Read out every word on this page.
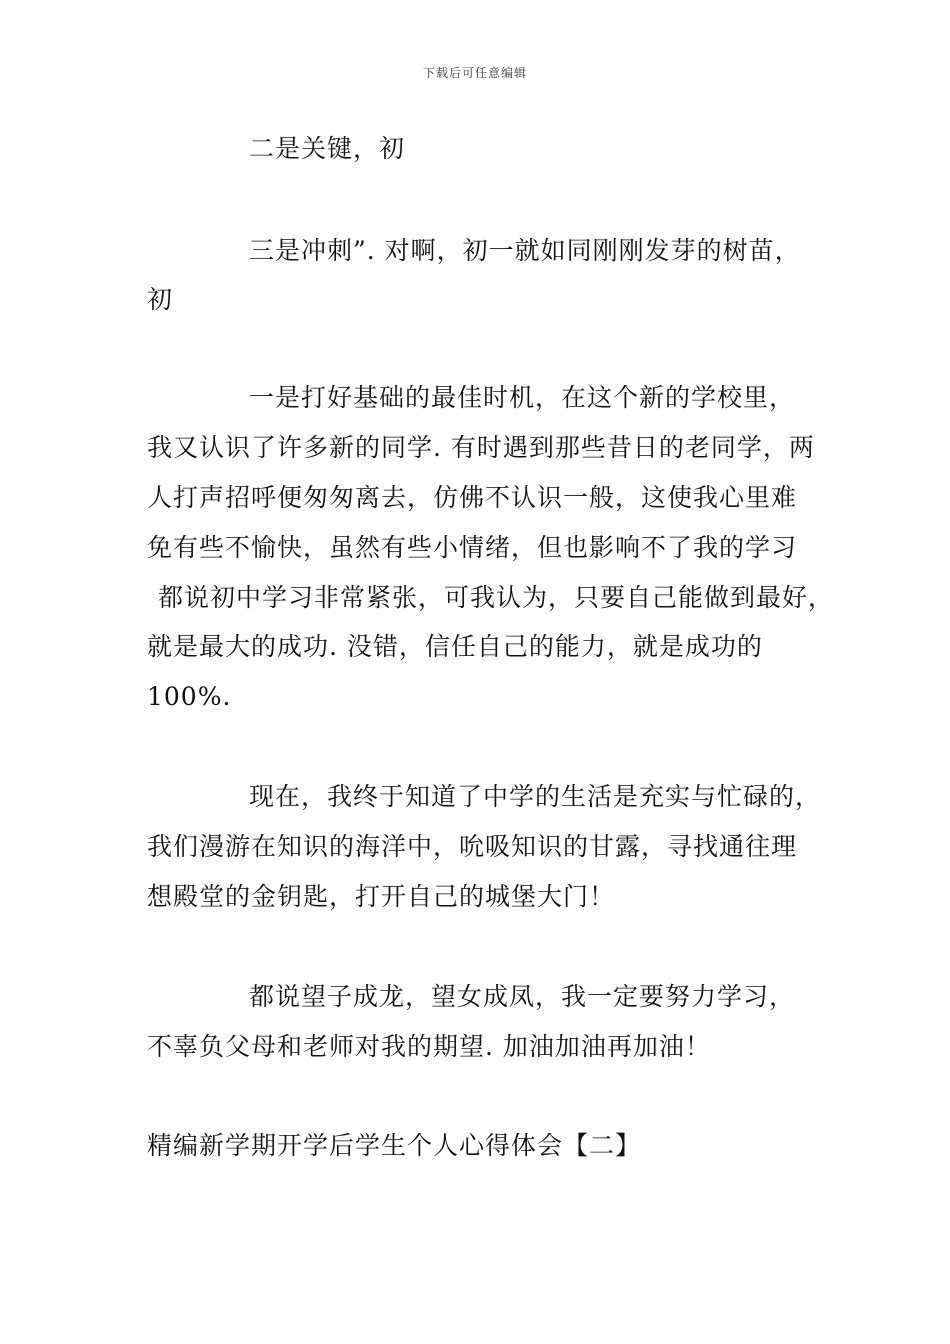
下载后可任意编辑
二是关键，初
三是冲刺”. 对啊，初一就如同刚刚发芽的树苗，
初
一是打好基础的最佳时机，在这个新的学校里，
我又认识了许多新的同学. 有时遇到那些昔日的老同学，两
人打声招呼便匆匆离去，仿佛不认识一般，这使我心里难
免有些不愉快，虽然有些小情绪，但也影响不了我的学习
都说初中学习非常紧张，可我认为，只要自己能做到最好，
就是最大的成功. 没错，信任自己的能力，就是成功的
100%.
现在，我终于知道了中学的生活是充实与忙碌的，
我们漫游在知识的海洋中，吮吸知识的甘露，寻找通往理
想殿堂的金钥匙，打开自己的城堡大门！
都说望子成龙，望女成凤，我一定要努力学习，
不辜负父母和老师对我的期望. 加油加油再加油！
精编新学期开学后学生个人心得体会【二】
